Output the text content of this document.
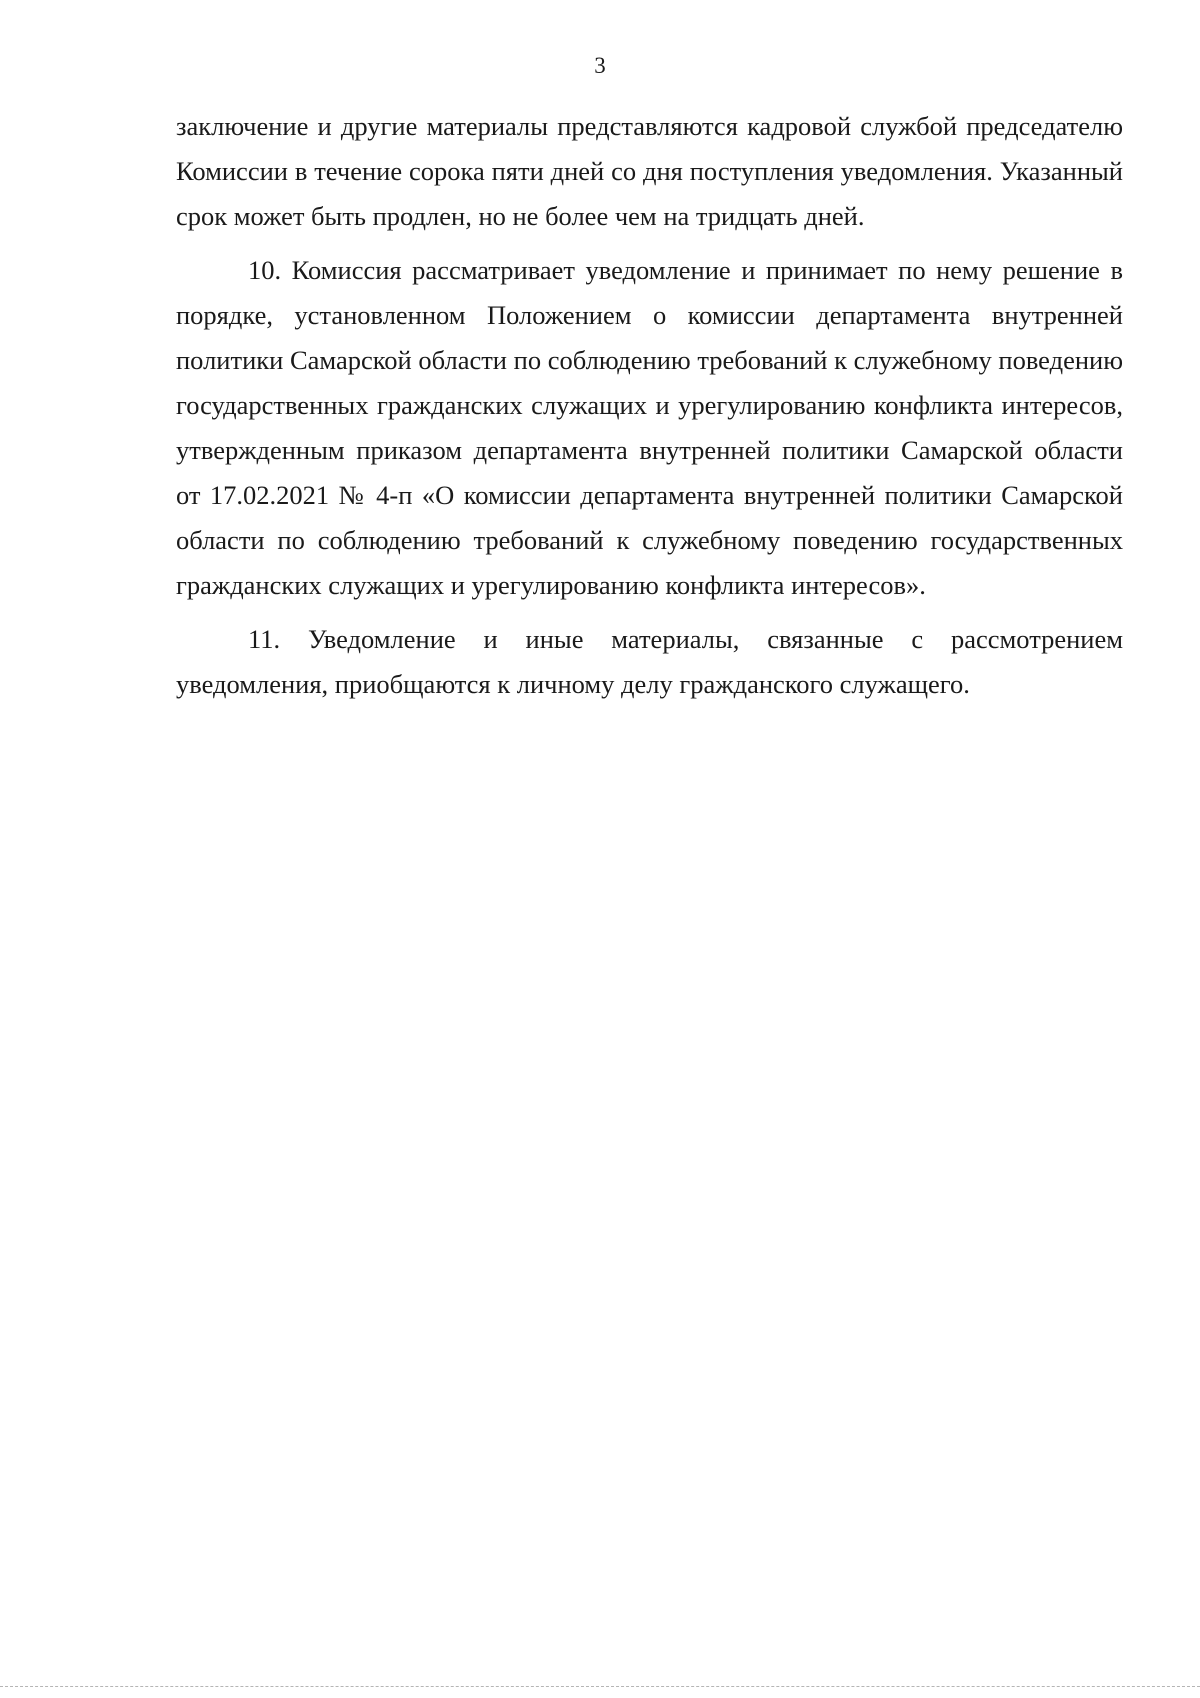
3

заключение и другие материалы представляются кадровой службой председателю Комиссии в течение сорока пяти дней со дня поступления уведомления. Указанный срок может быть продлен, но не более чем на тридцать дней.

10. Комиссия рассматривает уведомление и принимает по нему решение в порядке, установленном Положением о комиссии департамента внутренней политики Самарской области по соблюдению требований к служебному поведению государственных гражданских служащих и урегулированию конфликта интересов, утвержденным приказом департамента внутренней политики Самарской области от 17.02.2021 № 4-п «О комиссии департамента внутренней политики Самарской области по соблюдению требований к служебному поведению государственных гражданских служащих и урегулированию конфликта интересов».

11. Уведомление и иные материалы, связанные с рассмотрением уведомления, приобщаются к личному делу гражданского служащего.
